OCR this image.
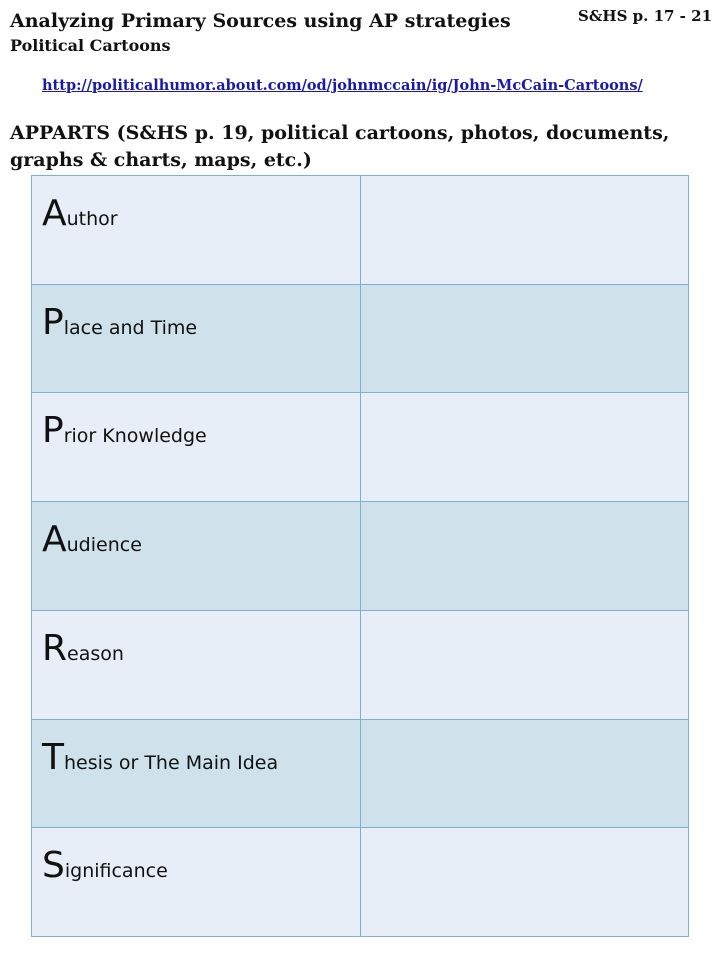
Analyzing Primary Sources using AP strategies	S&HS p. 17 - 21
Political Cartoons
http://politicalhumor.about.com/od/johnmccain/ig/John-McCain-Cartoons/
APPARTS (S&HS p. 19, political cartoons, photos, documents, graphs & charts, maps, etc.)
Author	

Place and Time	

Prior Knowledge	

Audience	

Reason	

Thesis or The Main Idea	

Significance	
